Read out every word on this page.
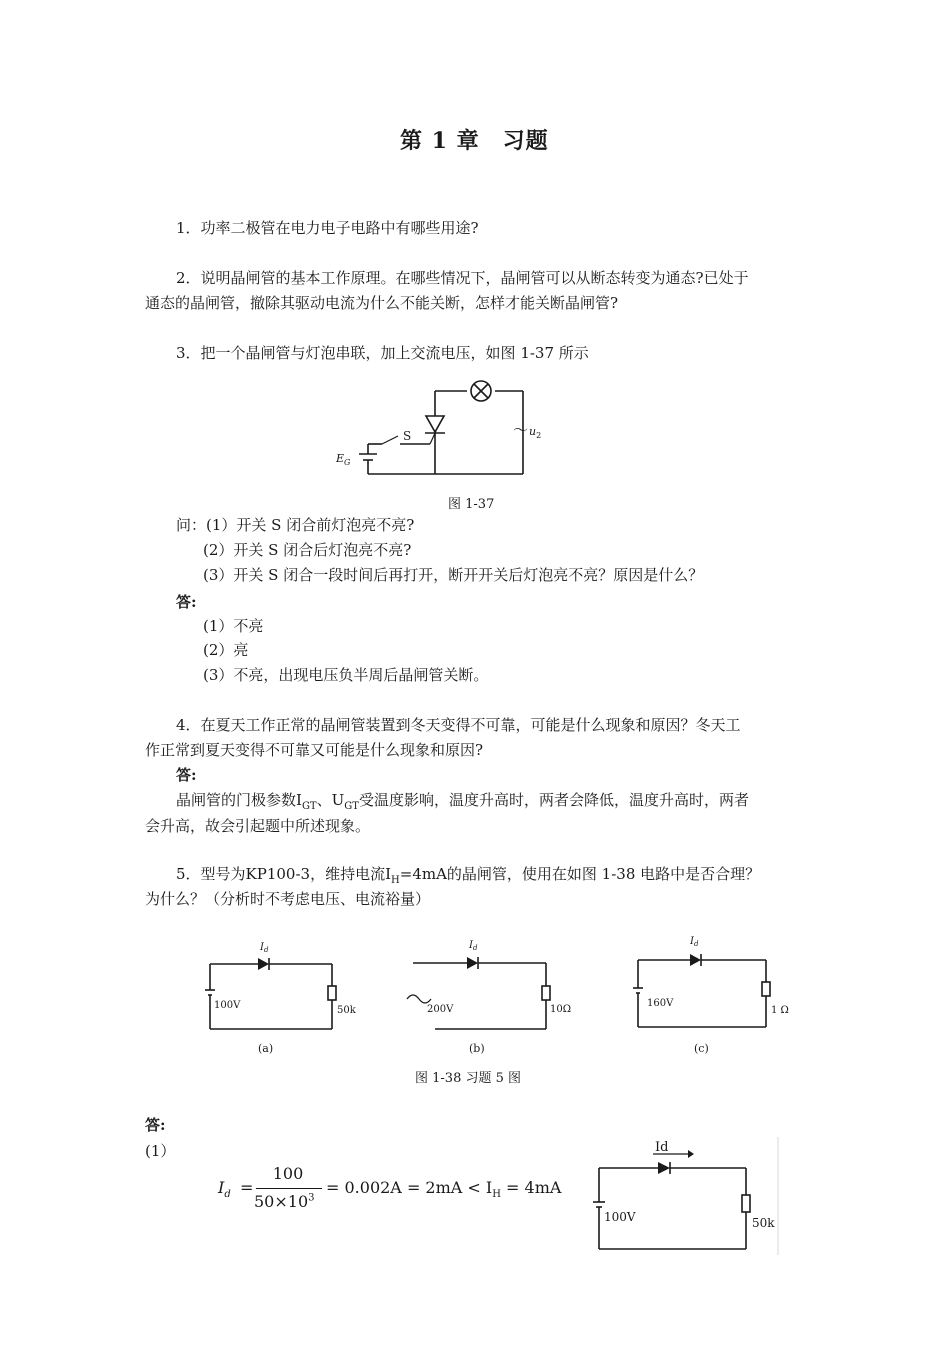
第 1 章　习题
1．功率二极管在电力电子电路中有哪些用途?
2．说明晶闸管的基本工作原理。在哪些情况下，晶闸管可以从断态转变为通态?已处于
通态的晶闸管，撤除其驱动电流为什么不能关断，怎样才能关断晶闸管?
3．把一个晶闸管与灯泡串联，加上交流电压，如图 1-37 所示
S
$E_G$
$\sim u_2$
图 1-37
问：(1）开关 S 闭合前灯泡亮不亮?
(2）开关 S 闭合后灯泡亮不亮?
(3）开关 S 闭合一段时间后再打开，断开开关后灯泡亮不亮？原因是什么？
答:
(1）不亮
(2）亮
(3）不亮，出现电压负半周后晶闸管关断。
4．在夏天工作正常的晶闸管装置到冬天变得不可靠，可能是什么现象和原因？冬天工
作正常到夏天变得不可靠又可能是什么现象和原因?
答:
晶闸管的门极参数$I_{GT}$、$U_{GT}$受温度影响，温度升高时，两者会降低，温度升高时，两者
会升高，故会引起题中所述现象。
5．型号为KP100-3，维持电流$I_H=4mA$的晶闸管，使用在如图 1-38 电路中是否合理？
为什么？（分析时不考虑电压、电流裕量）
$I_d$
100V	50k
(a)
$I_d$
200V	10Ω
(b)
$I_d$
160V
1 Ω
(c)
图 1-38 习题 5 图
答:
(1）
$I_d$ =
100
$50\times 10^3$
= $0.002A = 2mA < I_H = 4mA$
Id
100V	50k
